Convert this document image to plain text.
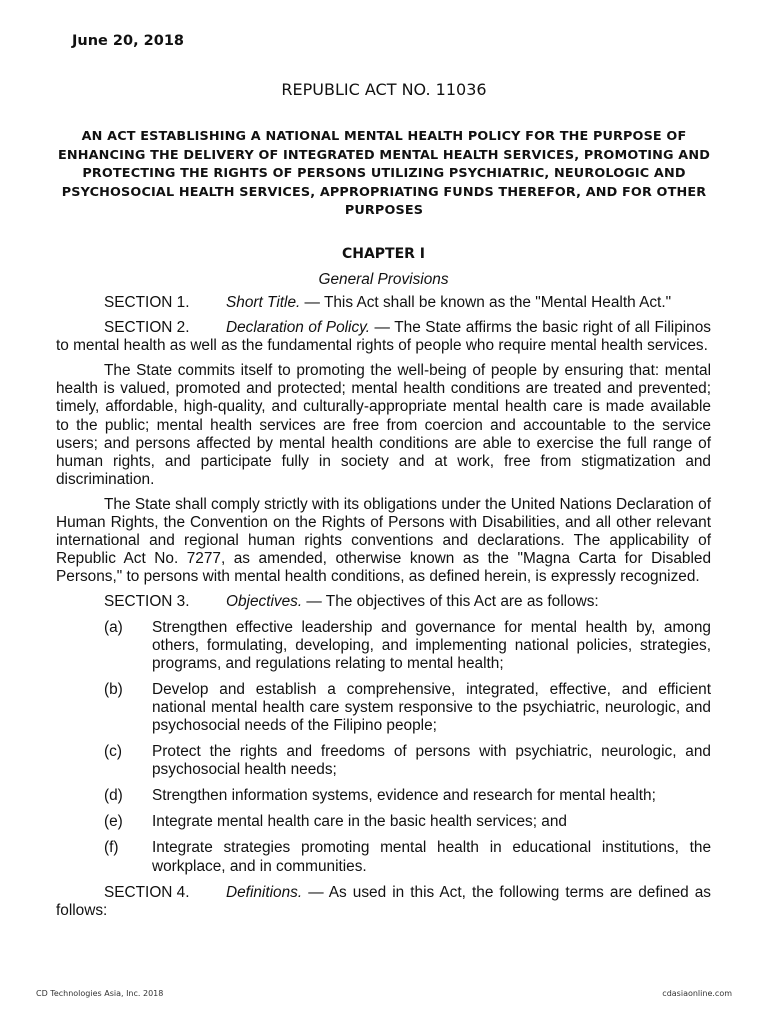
June 20, 2018
REPUBLIC ACT NO. 11036
AN ACT ESTABLISHING A NATIONAL MENTAL HEALTH POLICY FOR THE PURPOSE OF ENHANCING THE DELIVERY OF INTEGRATED MENTAL HEALTH SERVICES, PROMOTING AND PROTECTING THE RIGHTS OF PERSONS UTILIZING PSYCHIATRIC, NEUROLOGIC AND PSYCHOSOCIAL HEALTH SERVICES, APPROPRIATING FUNDS THEREFOR, AND FOR OTHER PURPOSES
CHAPTER I
General Provisions
SECTION 1. Short Title. — This Act shall be known as the "Mental Health Act."
SECTION 2. Declaration of Policy. — The State affirms the basic right of all Filipinos to mental health as well as the fundamental rights of people who require mental health services.
The State commits itself to promoting the well-being of people by ensuring that: mental health is valued, promoted and protected; mental health conditions are treated and prevented; timely, affordable, high-quality, and culturally-appropriate mental health care is made available to the public; mental health services are free from coercion and accountable to the service users; and persons affected by mental health conditions are able to exercise the full range of human rights, and participate fully in society and at work, free from stigmatization and discrimination.
The State shall comply strictly with its obligations under the United Nations Declaration of Human Rights, the Convention on the Rights of Persons with Disabilities, and all other relevant international and regional human rights conventions and declarations. The applicability of Republic Act No. 7277, as amended, otherwise known as the "Magna Carta for Disabled Persons," to persons with mental health conditions, as defined herein, is expressly recognized.
SECTION 3. Objectives. — The objectives of this Act are as follows:
(a)	Strengthen effective leadership and governance for mental health by, among others, formulating, developing, and implementing national policies, strategies, programs, and regulations relating to mental health;
(b)	Develop and establish a comprehensive, integrated, effective, and efficient national mental health care system responsive to the psychiatric, neurologic, and psychosocial needs of the Filipino people;
(c)	Protect the rights and freedoms of persons with psychiatric, neurologic, and psychosocial health needs;
(d)	Strengthen information systems, evidence and research for mental health;
(e)	Integrate mental health care in the basic health services; and
(f)	Integrate strategies promoting mental health in educational institutions, the workplace, and in communities.
SECTION 4. Definitions. — As used in this Act, the following terms are defined as follows:
CD Technologies Asia, Inc. 2018	cdasiaonline.com
